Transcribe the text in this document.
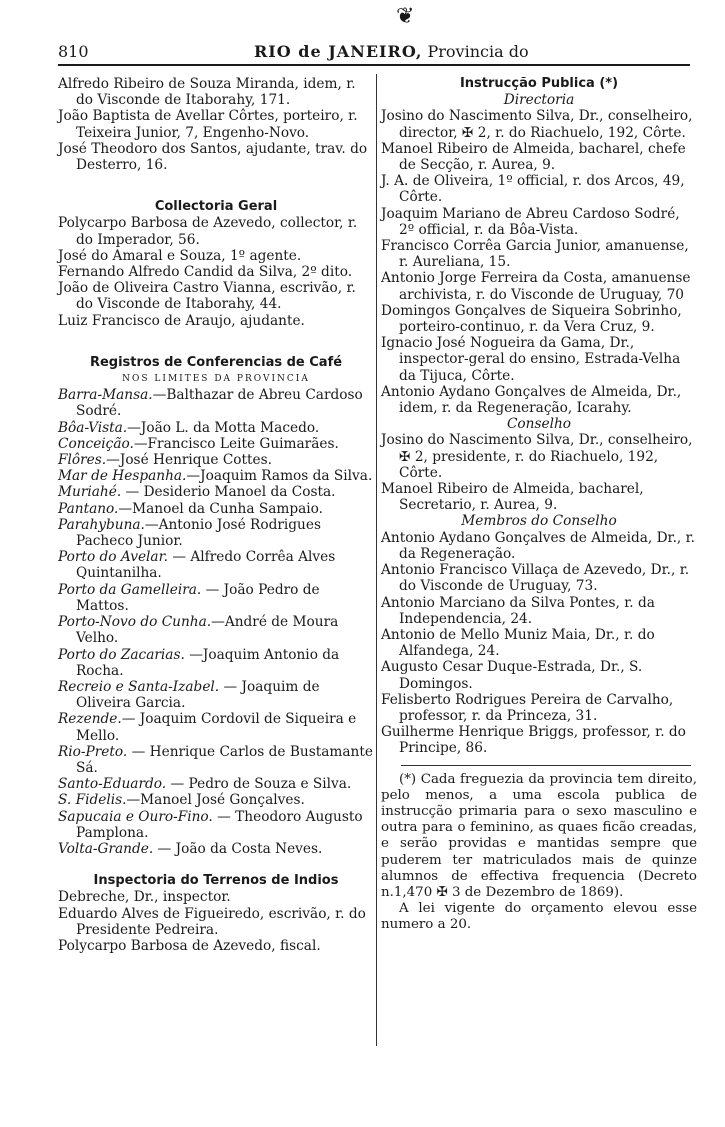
❦
810	RIO de JANEIRO, Provincia do

Alfredo Ribeiro de Souza Miranda, idem, r. do Visconde de Itaborahy, 171.

João Baptista de Avellar Côrtes, porteiro, r. Teixeira Junior, 7, Engenho-Novo.

José Theodoro dos Santos, ajudante, trav. do Desterro, 16.

Collectoria Geral

Polycarpo Barbosa de Azevedo, collector, r. do Imperador, 56.

José do Amaral e Souza, 1º agente.

Fernando Alfredo Candid da Silva, 2º dito.

João de Oliveira Castro Vianna, escrivão, r. do Visconde de Itaborahy, 44.

Luiz Francisco de Araujo, ajudante.

Registros de Conferencias de Café

NOS LIMITES DA PROVINCIA

Barra-Mansa.—Balthazar de Abreu Cardoso Sodré.

Bôa-Vista.—João L. da Motta Macedo.

Conceição.—Francisco Leite Guimarães.

Flôres.—José Henrique Cottes.

Mar de Hespanha.—Joaquim Ramos da Silva.

Muriahé. — Desiderio Manoel da Costa.

Pantano.—Manoel da Cunha Sampaio.

Parahybuna.—Antonio José Rodrigues Pacheco Junior.

Porto do Avelar. — Alfredo Corrêa Alves Quintanilha.

Porto da Gamelleira. — João Pedro de Mattos.

Porto-Novo do Cunha.—André de Moura Velho.

Porto do Zacarias. —Joaquim Antonio da Rocha.

Recreio e Santa-Izabel. — Joaquim de Oliveira Garcia.

Rezende.— Joaquim Cordovil de Siqueira e Mello.

Rio-Preto. — Henrique Carlos de Bustamante Sá.

Santo-Eduardo. — Pedro de Souza e Silva.

S. Fidelis.—Manoel José Gonçalves.

Sapucaia e Ouro-Fino. — Theodoro Augusto Pamplona.

Volta-Grande. — João da Costa Neves.

Inspectoria do Terrenos de Indios

Debreche, Dr., inspector.

Eduardo Alves de Figueiredo, escrivão, r. do Presidente Pedreira.

Polycarpo Barbosa de Azevedo, fiscal.

Instrucção Publica (*)

Directoria

Josino do Nascimento Silva, Dr., conselheiro, director, ✠ 2, r. do Riachuelo, 192, Côrte.

Manoel Ribeiro de Almeida, bacharel, chefe de Secção, r. Aurea, 9.

J. A. de Oliveira, 1º official, r. dos Arcos, 49, Côrte.

Joaquim Mariano de Abreu Cardoso Sodré, 2º official, r. da Bôa-Vista.

Francisco Corrêa Garcia Junior, amanuense, r. Aureliana, 15.

Antonio Jorge Ferreira da Costa, amanuense archivista, r. do Visconde de Uruguay, 70

Domingos Gonçalves de Siqueira Sobrinho, porteiro-continuo, r. da Vera Cruz, 9.

Ignacio José Nogueira da Gama, Dr., inspector-geral do ensino, Estrada-Velha da Tijuca, Côrte.

Antonio Aydano Gonçalves de Almeida, Dr., idem, r. da Regeneração, Icarahy.

Conselho

Josino do Nascimento Silva, Dr., conselheiro, ✠ 2, presidente, r. do Riachuelo, 192, Côrte.

Manoel Ribeiro de Almeida, bacharel, Secretario, r. Aurea, 9.

Membros do Conselho

Antonio Aydano Gonçalves de Almeida, Dr., r. da Regeneração.

Antonio Francisco Villaça de Azevedo, Dr., r. do Visconde de Uruguay, 73.

Antonio Marciano da Silva Pontes, r. da Independencia, 24.

Antonio de Mello Muniz Maia, Dr., r. do Alfandega, 24.

Augusto Cesar Duque-Estrada, Dr., S. Domingos.

Felisberto Rodrigues Pereira de Carvalho, professor, r. da Princeza, 31.

Guilherme Henrique Briggs, professor, r. do Principe, 86.

(*) Cada freguezia da provincia tem direito, pelo menos, a uma escola publica de instrucção primaria para o sexo masculino e outra para o feminino, as quaes ficão creadas, e serão providas e mantidas sempre que puderem ter matriculados mais de quinze alumnos de effectiva frequencia (Decreto n.1,470 ✠ 3 de Dezembro de 1869).

A lei vigente do orçamento elevou esse numero a 20.
